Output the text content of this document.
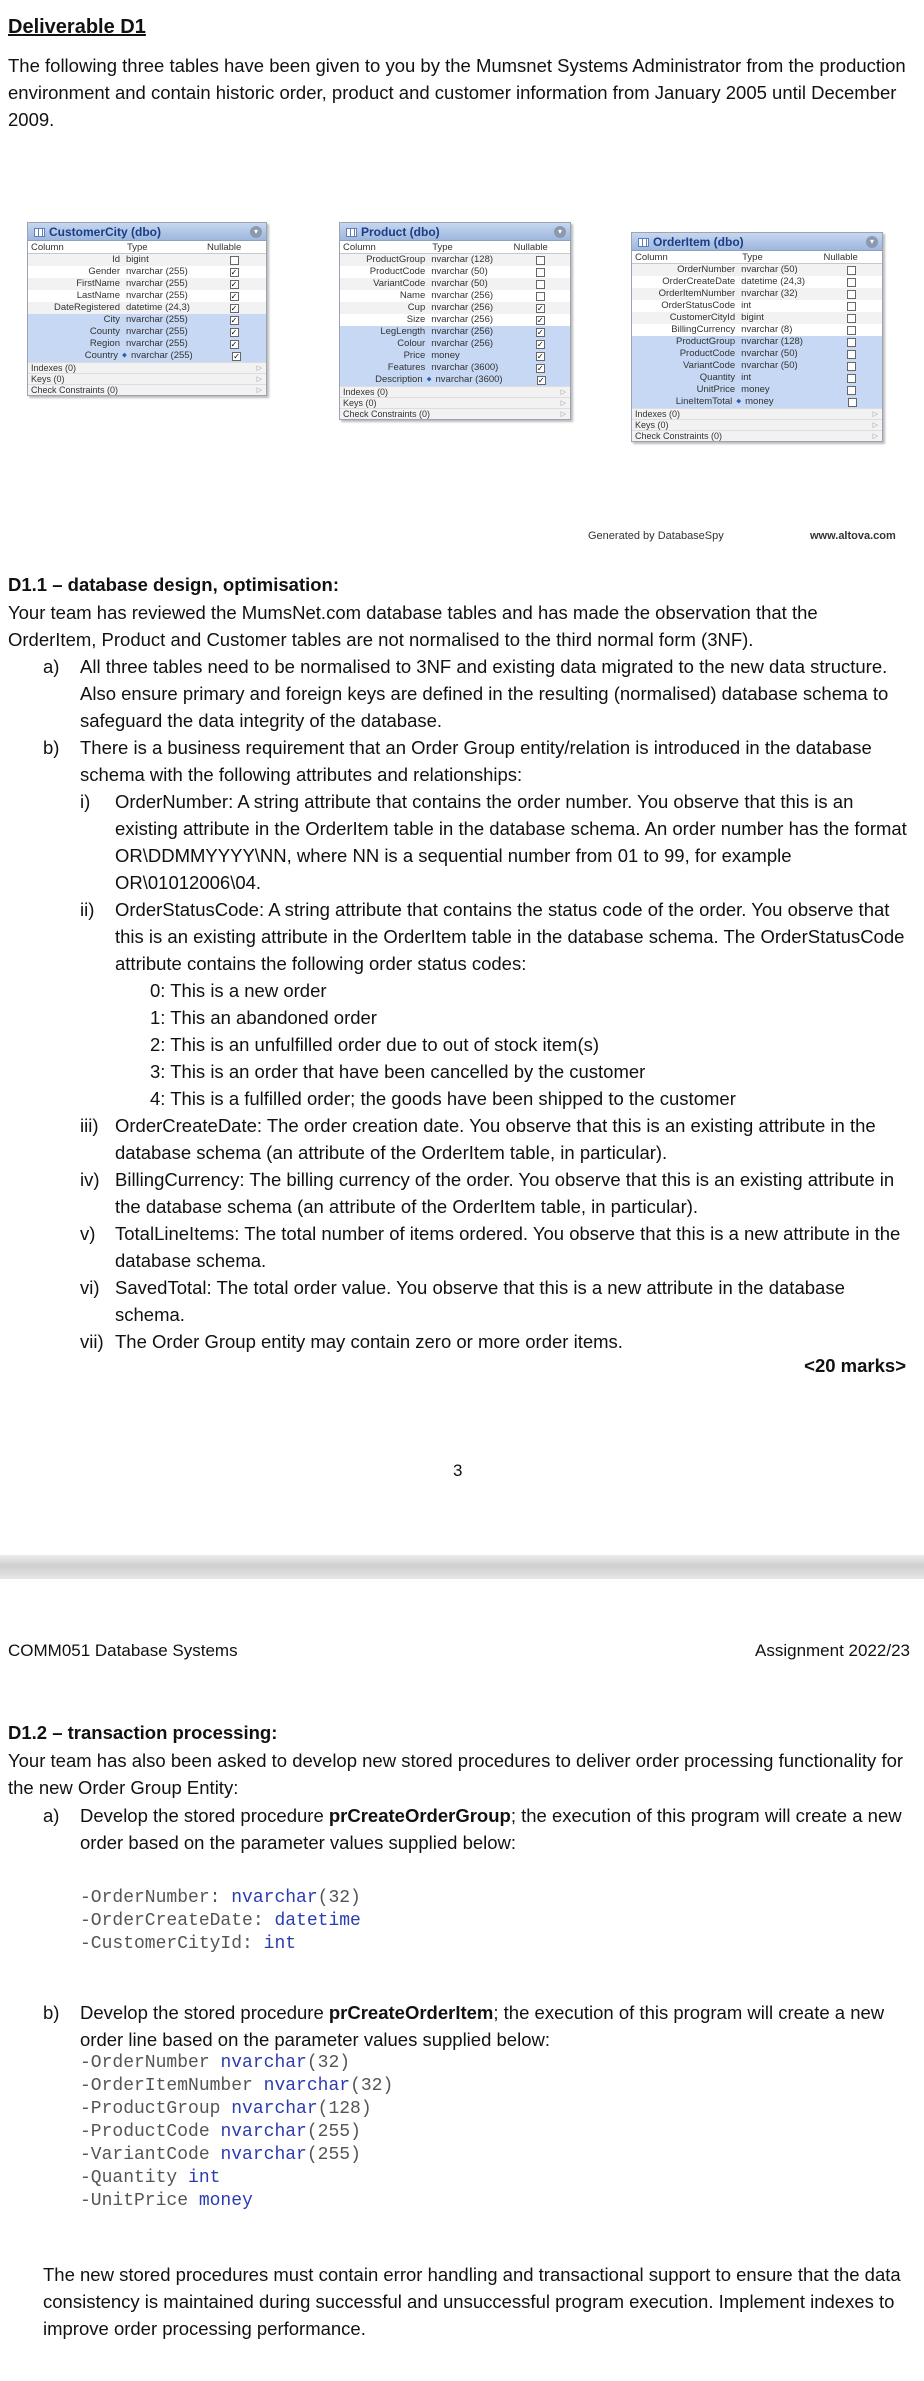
Deliverable D1
The following three tables have been given to you by the Mumsnet Systems Administrator from the production environment and contain historic order, product and customer information from January 2005 until December 2009.
CustomerCity (dbo)	▾
Column	Type	Nullable
Id bigint
Gender nvarchar (255)	✓
FirstName nvarchar (255)	✓
LastName nvarchar (255)	✓
DateRegistered datetime (24,3)	✓
City nvarchar (255)	✓
County nvarchar (255)	✓
Region nvarchar (255)	✓
Country ⬥ nvarchar (255)	✓
Indexes (0) ▷
Keys (0) ▷
Check Constraints (0) ▷
Product (dbo)	▾
Column	Type	Nullable
ProductGroup nvarchar (128)
ProductCode nvarchar (50)
VariantCode nvarchar (50)
Name nvarchar (256)
Cup nvarchar (256)	✓
Size nvarchar (256)	✓
LegLength nvarchar (256)	✓
Colour nvarchar (256)	✓
Price money	✓
Features nvarchar (3600)	✓
Description ⬥ nvarchar (3600)	✓
Indexes (0) ▷
Keys (0) ▷
Check Constraints (0) ▷
OrderItem (dbo)	▾
Column	Type	Nullable
OrderNumber nvarchar (50)
OrderCreateDate datetime (24,3)
OrderItemNumber nvarchar (32)
OrderStatusCode int
CustomerCityId bigint
BillingCurrency nvarchar (8)
ProductGroup nvarchar (128)
ProductCode nvarchar (50)
VariantCode nvarchar (50)
Quantity int
UnitPrice money
LineItemTotal ⬥ money
Indexes (0) ▷
Keys (0) ▷
Check Constraints (0) ▷
Generated by DatabaseSpy	www.altova.com
D1.1 – database design, optimisation:
Your team has reviewed the MumsNet.com database tables and has made the observation that the OrderItem, Product and Customer tables are not normalised to the third normal form (3NF).
a) All three tables need to be normalised to 3NF and existing data migrated to the new data structure. Also ensure primary and foreign keys are defined in the resulting (normalised) database schema to safeguard the data integrity of the database.
b) There is a business requirement that an Order Group entity/relation is introduced in the database schema with the following attributes and relationships:
i) OrderNumber: A string attribute that contains the order number. You observe that this is an existing attribute in the OrderItem table in the database schema. An order number has the format OR\DDMMYYYY\NN, where NN is a sequential number from 01 to 99, for example OR\01012006\04.
ii) OrderStatusCode: A string attribute that contains the status code of the order. You observe that this is an existing attribute in the OrderItem table in the database schema. The OrderStatusCode attribute contains the following order status codes:
0: This is a new order
1: This an abandoned order
2: This is an unfulfilled order due to out of stock item(s)
3: This is an order that have been cancelled by the customer
4: This is a fulfilled order; the goods have been shipped to the customer
iii) OrderCreateDate: The order creation date. You observe that this is an existing attribute in the database schema (an attribute of the OrderItem table, in particular).
iv) BillingCurrency: The billing currency of the order. You observe that this is an existing attribute in the database schema (an attribute of the OrderItem table, in particular).
v) TotalLineItems: The total number of items ordered. You observe that this is a new attribute in the database schema.
vi) SavedTotal: The total order value. You observe that this is a new attribute in the database schema.
vii) The Order Group entity may contain zero or more order items.
<20 marks>
3
COMM051 Database Systems	Assignment 2022/23
D1.2 – transaction processing:
Your team has also been asked to develop new stored procedures to deliver order processing functionality for the new Order Group Entity:
a) Develop the stored procedure prCreateOrderGroup; the execution of this program will create a new order based on the parameter values supplied below:
-OrderNumber: nvarchar(32)
-OrderCreateDate: datetime
-CustomerCityId: int
b) Develop the stored procedure prCreateOrderItem; the execution of this program will create a new order line based on the parameter values supplied below:
-OrderNumber nvarchar(32)
-OrderItemNumber nvarchar(32)
-ProductGroup nvarchar(128)
-ProductCode nvarchar(255)
-VariantCode nvarchar(255)
-Quantity int
-UnitPrice money
The new stored procedures must contain error handling and transactional support to ensure that the data consistency is maintained during successful and unsuccessful program execution. Implement indexes to improve order processing performance.
